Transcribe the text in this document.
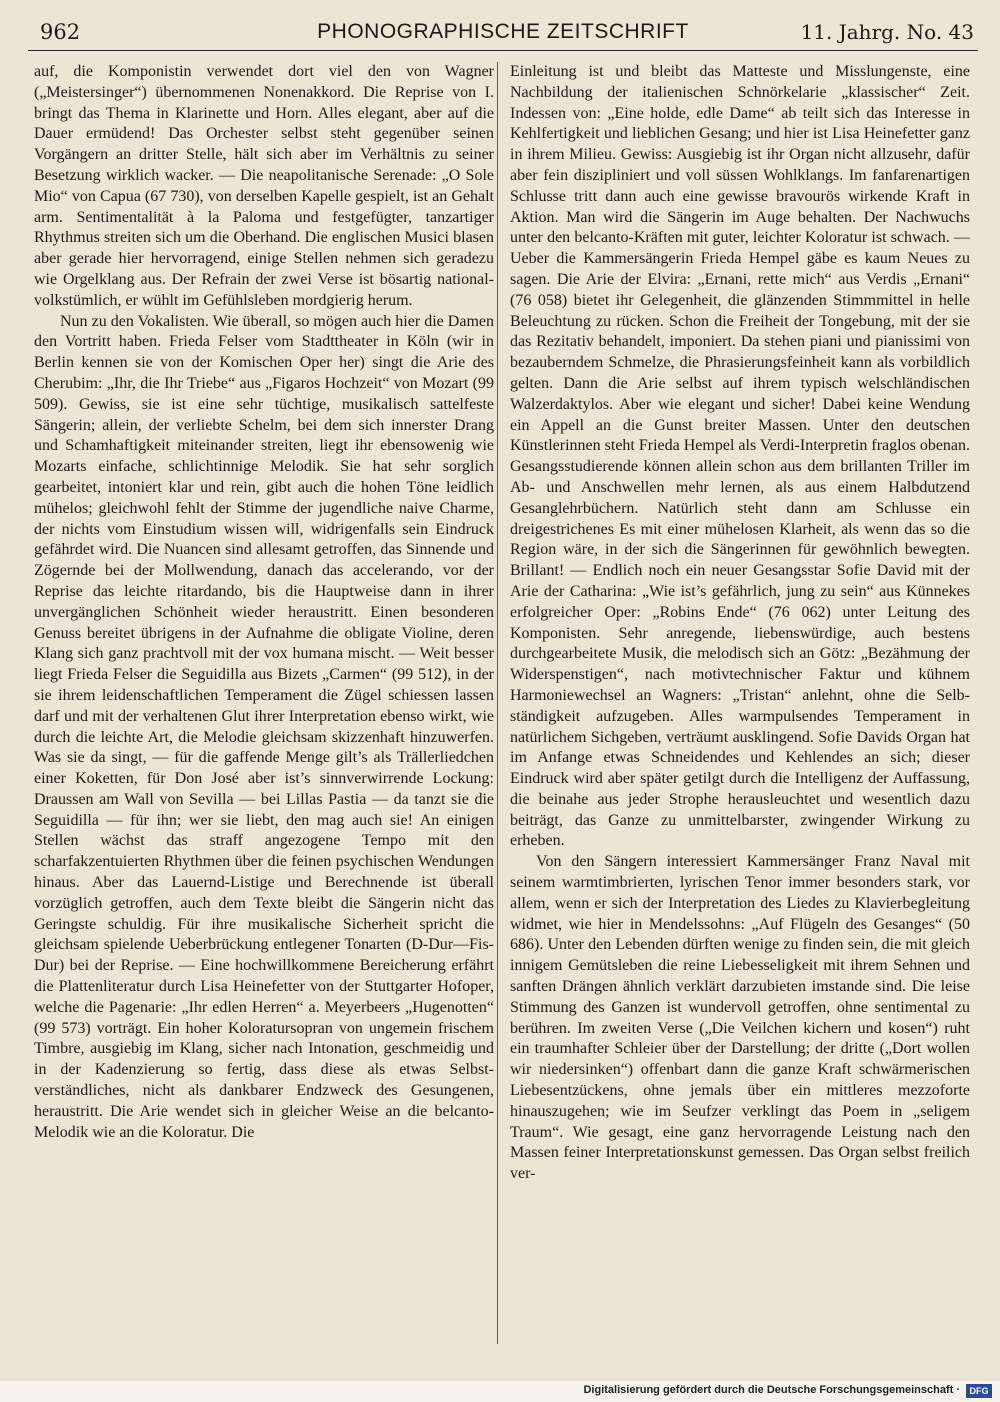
962	PHONOGRAPHISCHE ZEITSCHRIFT	11. Jahrg. No. 43

auf, die Komponistin verwendet dort viel den von Wagner („Meistersinger“) übernommenen Nonenakkord. Die Reprise von I. bringt das Thema in Klarinette und Horn. Alles elegant, aber auf die Dauer ermüdend! Das Orchester selbst steht gegenüber seinen Vorgängern an dritter Stelle, hält sich aber im Verhältnis zu seiner Besetzung wirklich wacker. — Die neapolitanische Serenade: „O Sole Mio“ von Capua (67 730), von derselben Kapelle gespielt, ist an Gehalt arm. Sentimentalität à la Paloma und festgefügter, tanzartiger Rhythmus streiten sich um die Oberhand. Die englischen Musici blasen aber gerade hier hervorragend, einige Stellen nehmen sich geradezu wie Orgelklang aus. Der Refrain der zwei Verse ist bösartig national-volkstümlich, er wühlt im Gefühlsleben mordgierig herum.

Nun zu den Vokalisten. Wie überall, so mögen auch hier die Damen den Vortritt haben. Frieda Felser vom Stadttheater in Köln (wir in Berlin kennen sie von der Komischen Oper her) singt die Arie des Cherubim: „Ihr, die Ihr Triebe“ aus „Figaros Hochzeit“ von Mozart (99 509). Gewiss, sie ist eine sehr tüchtige, musikalisch sattelfeste Sängerin; allein, der verliebte Schelm, bei dem sich innerster Drang und Schamhaftigkeit miteinander streiten, liegt ihr ebensowenig wie Mozarts einfache, schlichtinnige Melodik. Sie hat sehr sorglich gearbeitet, intoniert klar und rein, gibt auch die hohen Töne leidlich mühelos; gleichwohl fehlt der Stimme der jugendliche naive Charme, der nichts vom Einstudium wissen will, widrigenfalls sein Eindruck gefährdet wird. Die Nuancen sind allesamt getroffen, das Sinnende und Zögernde bei der Mollwendung, danach das accelerando, vor der Reprise das leichte ritardando, bis die Hauptweise dann in ihrer unvergänglichen Schönheit wieder heraustritt. Einen besonderen Genuss bereitet übrigens in der Aufnahme die obligate Violine, deren Klang sich ganz prachtvoll mit der vox humana mischt. — Weit besser liegt Frieda Felser die Seguidilla aus Bizets „Carmen“ (99 512), in der sie ihrem leidenschaftlichen Temperament die Zügel schiessen lassen darf und mit der verhaltenen Glut ihrer Interpretation ebenso wirkt, wie durch die leichte Art, die Melodie gleichsam skizzenhaft hinzuwerfen. Was sie da singt, — für die gaffende Menge gilt’s als Trällerliedchen einer Koketten, für Don José aber ist’s sinnverwirrende Lockung: Draussen am Wall von Sevilla — bei Lillas Pastia — da tanzt sie die Seguidilla — für ihn; wer sie liebt, den mag auch sie! An einigen Stellen wächst das straff angezogene Tempo mit den scharfakzentuierten Rhythmen über die feinen psychischen Wendungen hinaus. Aber das Lauernd-Listige und Berechnende ist überall vorzüglich getroffen, auch dem Texte bleibt die Sängerin nicht das Geringste schuldig. Für ihre musikalische Sicherheit spricht die gleichsam spielende Ueberbrückung entlegener Tonarten (D-Dur—Fis-Dur) bei der Reprise. — Eine hochwillkommene Bereicherung erfährt die Plattenliteratur durch Lisa Heinefetter von der Stuttgarter Hofoper, welche die Pagenarie: „Ihr edlen Herren“ a. Meyerbeers „Hugenotten“ (99 573) vorträgt. Ein hoher Koloratursopran von ungemein frischem Timbre, ausgiebig im Klang, sicher nach Intonation, geschmeidig und in der Kadenzierung so fertig, dass diese als etwas Selbstverständliches, nicht als dankbarer Endzweck des Gesungenen, heraustritt. Die Arie wendet sich in gleicher Weise an die belcanto-Melodik wie an die Koloratur. Die

Einleitung ist und bleibt das Matteste und Misslungenste, eine Nachbildung der italienischen Schnörkelarie „klassischer“ Zeit. Indessen von: „Eine holde, edle Dame“ ab teilt sich das Interesse in Kehlfertigkeit und lieblichen Gesang; und hier ist Lisa Heinefetter ganz in ihrem Milieu. Gewiss: Ausgiebig ist ihr Organ nicht allzusehr, dafür aber fein diszipliniert und voll süssen Wohlklangs. Im fanfarenartigen Schlusse tritt dann auch eine gewisse bravourös wirkende Kraft in Aktion. Man wird die Sängerin im Auge behalten. Der Nachwuchs unter den belcanto-Kräften mit guter, leichter Koloratur ist schwach. — Ueber die Kammersängerin Frieda Hempel gäbe es kaum Neues zu sagen. Die Arie der Elvira: „Ernani, rette mich“ aus Verdis „Ernani“ (76 058) bietet ihr Gelegenheit, die glänzenden Stimmmittel in helle Beleuchtung zu rücken. Schon die Freiheit der Tongebung, mit der sie das Rezitativ behandelt, imponiert. Da stehen piani und pianissimi von bezauberndem Schmelze, die Phrasierungsfeinheit kann als vorbildlich gelten. Dann die Arie selbst auf ihrem typisch welschländischen Walzerdaktylos. Aber wie elegant und sicher! Dabei keine Wendung ein Appell an die Gunst breiter Massen. Unter den deutschen Künstlerinnen steht Frieda Hempel als Verdi-Interpretin fraglos obenan. Gesangsstudierende können allein schon aus dem brillanten Triller im Ab- und Anschwellen mehr lernen, als aus einem Halbdutzend Gesanglehrbüchern. Natürlich steht dann am Schlusse ein dreigestrichenes Es mit einer mühelosen Klarheit, als wenn das so die Region wäre, in der sich die Sängerinnen für gewöhnlich bewegten. Brillant! — Endlich noch ein neuer Gesangsstar Sofie David mit der Arie der Catharina: „Wie ist’s gefährlich, jung zu sein“ aus Künnekes erfolgreicher Oper: „Robins Ende“ (76 062) unter Leitung des Komponisten. Sehr anregende, liebenswürdige, auch bestens durchgearbeitete Musik, die melodisch sich an Götz: „Bezähmung der Widerspenstigen“, nach motivtechnischer Faktur und kühnem Harmoniewechsel an Wagners: „Tristan“ anlehnt, ohne die Selbständigkeit aufzugeben. Alles warmpulsendes Temperament in natürlichem Sichgeben, verträumt ausklingend. Sofie Davids Organ hat im Anfange etwas Schneidendes und Kehlendes an sich; dieser Eindruck wird aber später getilgt durch die Intelligenz der Auffassung, die beinahe aus jeder Strophe herausleuchtet und wesentlich dazu beiträgt, das Ganze zu unmittelbarster, zwingender Wirkung zu erheben.

Von den Sängern interessiert Kammersänger Franz Naval mit seinem warmtimbrierten, lyrischen Tenor immer besonders stark, vor allem, wenn er sich der Interpretation des Liedes zu Klavierbegleitung widmet, wie hier in Mendelssohns: „Auf Flügeln des Gesanges“ (50 686). Unter den Lebenden dürften wenige zu finden sein, die mit gleich innigem Gemütsleben die reine Liebesseligkeit mit ihrem Sehnen und sanften Drängen ähnlich verklärt darzubieten imstande sind. Die leise Stimmung des Ganzen ist wundervoll getroffen, ohne sentimental zu berühren. Im zweiten Verse („Die Veilchen kichern und kosen“) ruht ein traumhafter Schleier über der Darstellung; der dritte („Dort wollen wir niedersinken“) offenbart dann die ganze Kraft schwärmerischen Liebesentzückens, ohne jemals über ein mittleres mezzoforte hinauszugehen; wie im Seufzer verklingt das Poem in „seligem Traum“. Wie gesagt, eine ganz hervorragende Leistung nach den Massen feiner Interpretationskunst gemessen. Das Organ selbst freilich ver-

Digitalisierung gefördert durch die Deutsche Forschungsgemeinschaft ·	DFG
